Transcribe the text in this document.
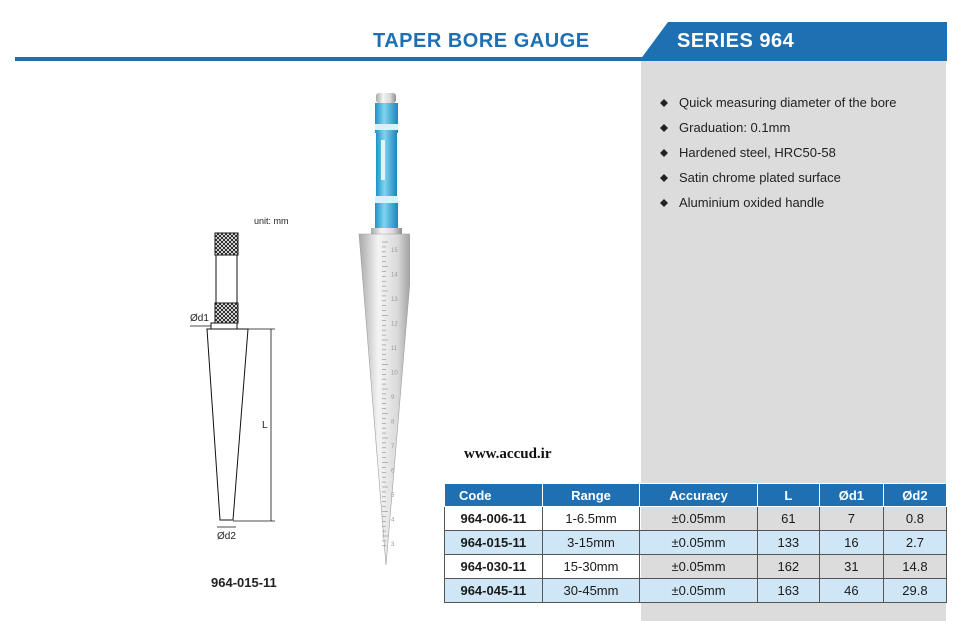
TAPER BORE GAUGE	SERIES 964
Quick measuring diameter of the bore
Graduation: 0.1mm
Hardened steel, HRC50-58
Satin chrome plated surface
Aluminium oxided handle
unit: mm
Ød1
L
Ød2
964-015-11
15
14
13
12
11
10
9
8
7
6
5
4
3
www.accud.ir
Code	Range	Accuracy	L	Ød1	Ød2
964-006-11	1-6.5mm	±0.05mm	61	7	0.8
964-015-11	3-15mm	±0.05mm	133	16	2.7
964-030-11	15-30mm	±0.05mm	162	31	14.8
964-045-11	30-45mm	±0.05mm	163	46	29.8
